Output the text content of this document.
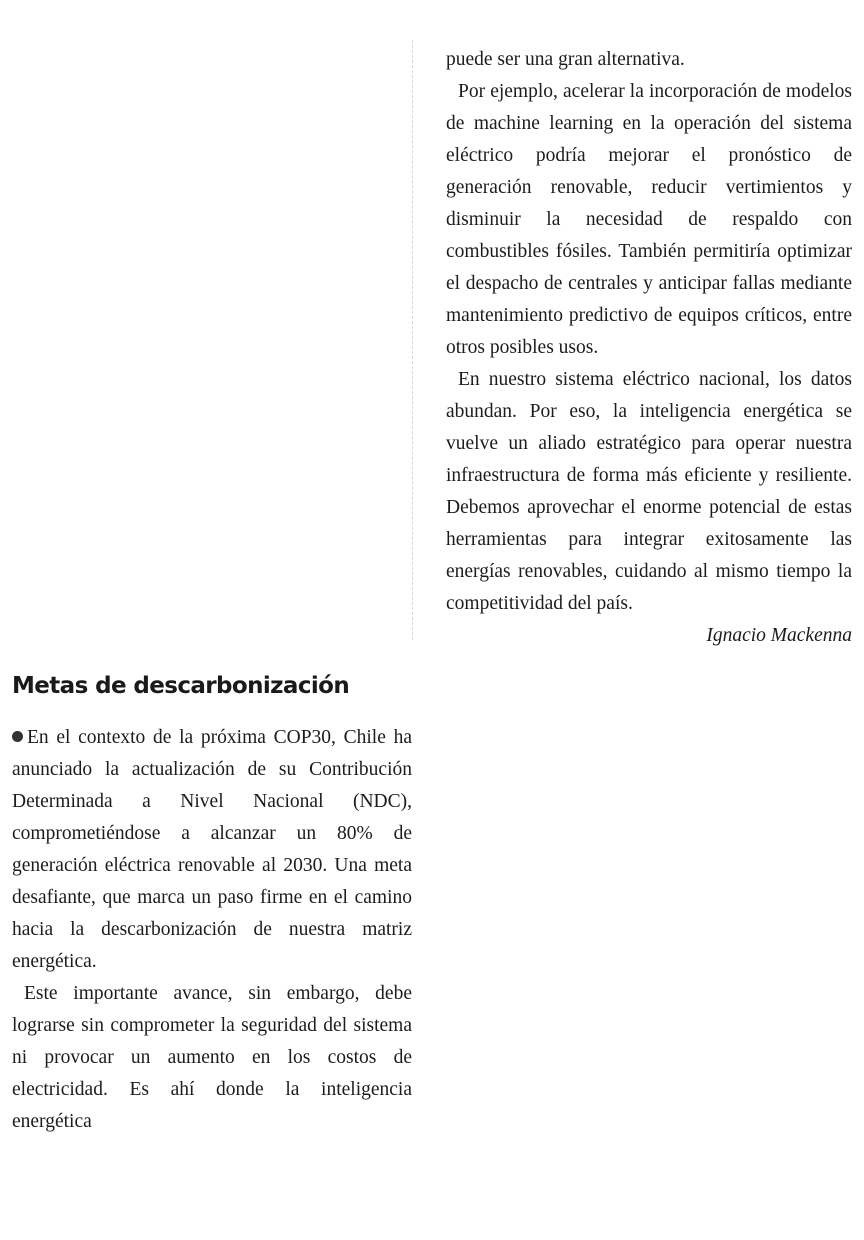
Metas de descarbonización

En el contexto de la próxima COP30, Chile ha anunciado la actualización de su Contribución Determinada a Nivel Nacional (NDC), comprometiéndose a alcanzar un 80% de generación eléctrica renovable al 2030. Una meta desafiante, que marca un paso firme en el camino hacia la descarbonización de nuestra matriz energética.

Este importante avance, sin embargo, debe lograrse sin comprometer la seguridad del sistema ni provocar un aumento en los costos de electricidad. Es ahí donde la inteligencia energética

puede ser una gran alternativa.

Por ejemplo, acelerar la incorporación de modelos de machine learning en la operación del sistema eléctrico podría mejorar el pronóstico de generación renovable, reducir vertimientos y disminuir la necesidad de respaldo con combustibles fósiles. También permitiría optimizar el despacho de centrales y anticipar fallas mediante mantenimiento predictivo de equipos críticos, entre otros posibles usos.

En nuestro sistema eléctrico nacional, los datos abundan. Por eso, la inteligencia energética se vuelve un aliado estratégico para operar nuestra infraestructura de forma más eficiente y resiliente. Debemos aprovechar el enorme potencial de estas herramientas para integrar exitosamente las energías renovables, cuidando al mismo tiempo la competitividad del país.

Ignacio Mackenna
